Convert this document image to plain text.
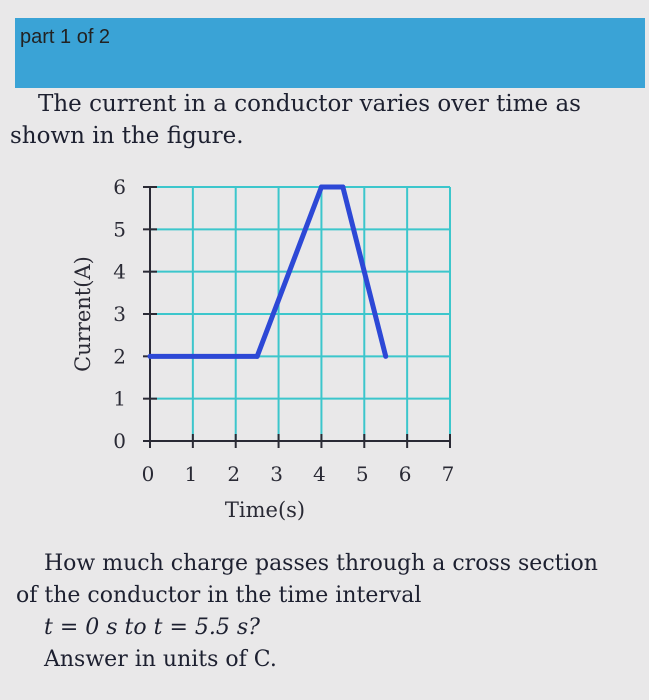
part 1 of 2
The current in a conductor varies over time as shown in the figure.
0
1
2
3
4
5
6
0 1 2 3 4 5 6 7
Time(s)
Current(A)
How much charge passes through a cross section of the conductor in the time interval
t = 0 s to t = 5.5 s?
Answer in units of C.
